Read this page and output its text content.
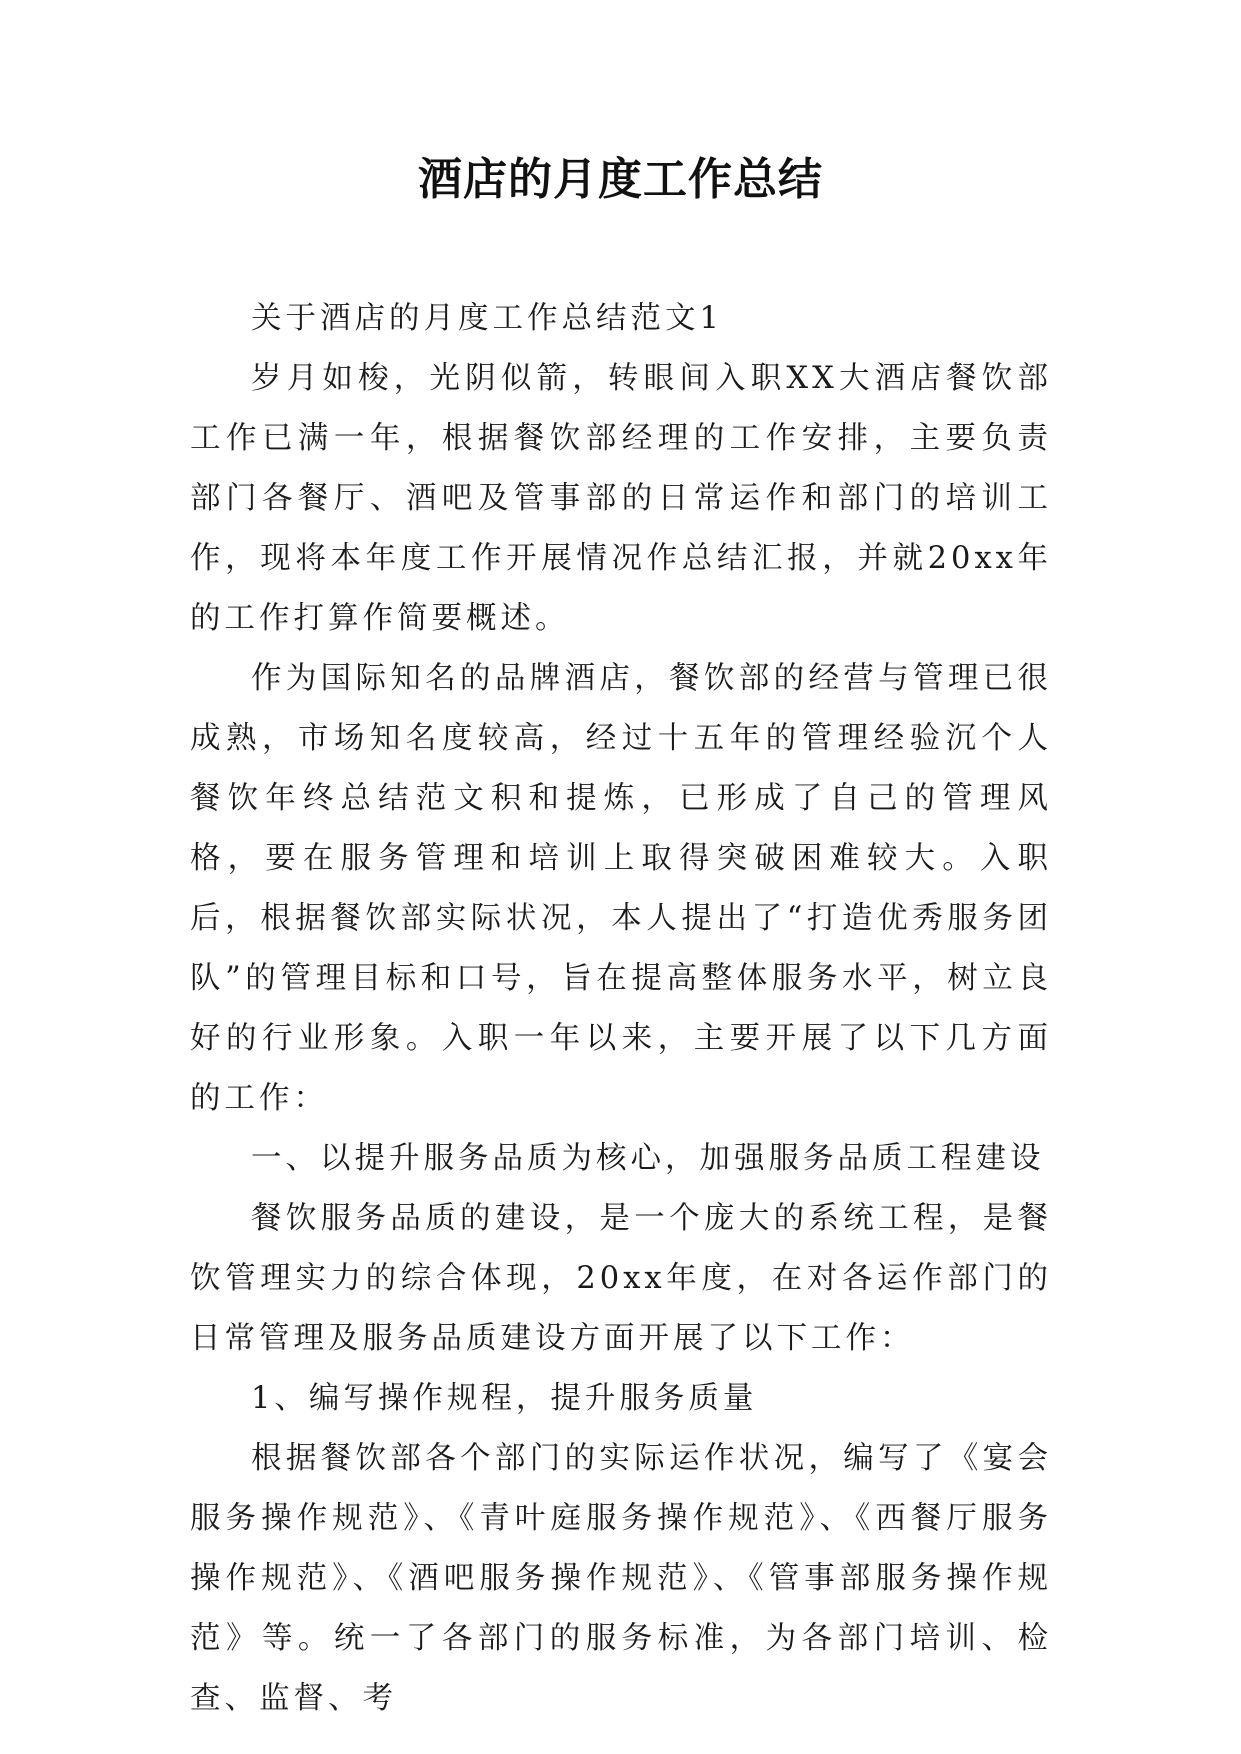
酒店的月度工作总结

关于酒店的月度工作总结范文1

岁月如梭，光阴似箭，转眼间入职XX大酒店餐饮部工作已满一年，根据餐饮部经理的工作安排，主要负责部门各餐厅、酒吧及管事部的日常运作和部门的培训工作，现将本年度工作开展情况作总结汇报，并就20xx年的工作打算作简要概述。

作为国际知名的品牌酒店，餐饮部的经营与管理已很成熟，市场知名度较高，经过十五年的管理经验沉个人餐饮年终总结范文积和提炼，已形成了自己的管理风格，要在服务管理和培训上取得突破困难较大。入职后，根据餐饮部实际状况，本人提出了“打造优秀服务团队”的管理目标和口号，旨在提高整体服务水平，树立良好的行业形象。入职一年以来，主要开展了以下几方面的工作：

一、以提升服务品质为核心，加强服务品质工程建设

餐饮服务品质的建设，是一个庞大的系统工程，是餐饮管理实力的综合体现，20xx年度，在对各运作部门的日常管理及服务品质建设方面开展了以下工作：

1、编写操作规程，提升服务质量

根据餐饮部各个部门的实际运作状况，编写了《宴会服务操作规范》、《青叶庭服务操作规范》、《西餐厅服务操作规范》、《酒吧服务操作规范》、《管事部服务操作规范》等。统一了各部门的服务标准，为各部门培训、检查、监督、考
